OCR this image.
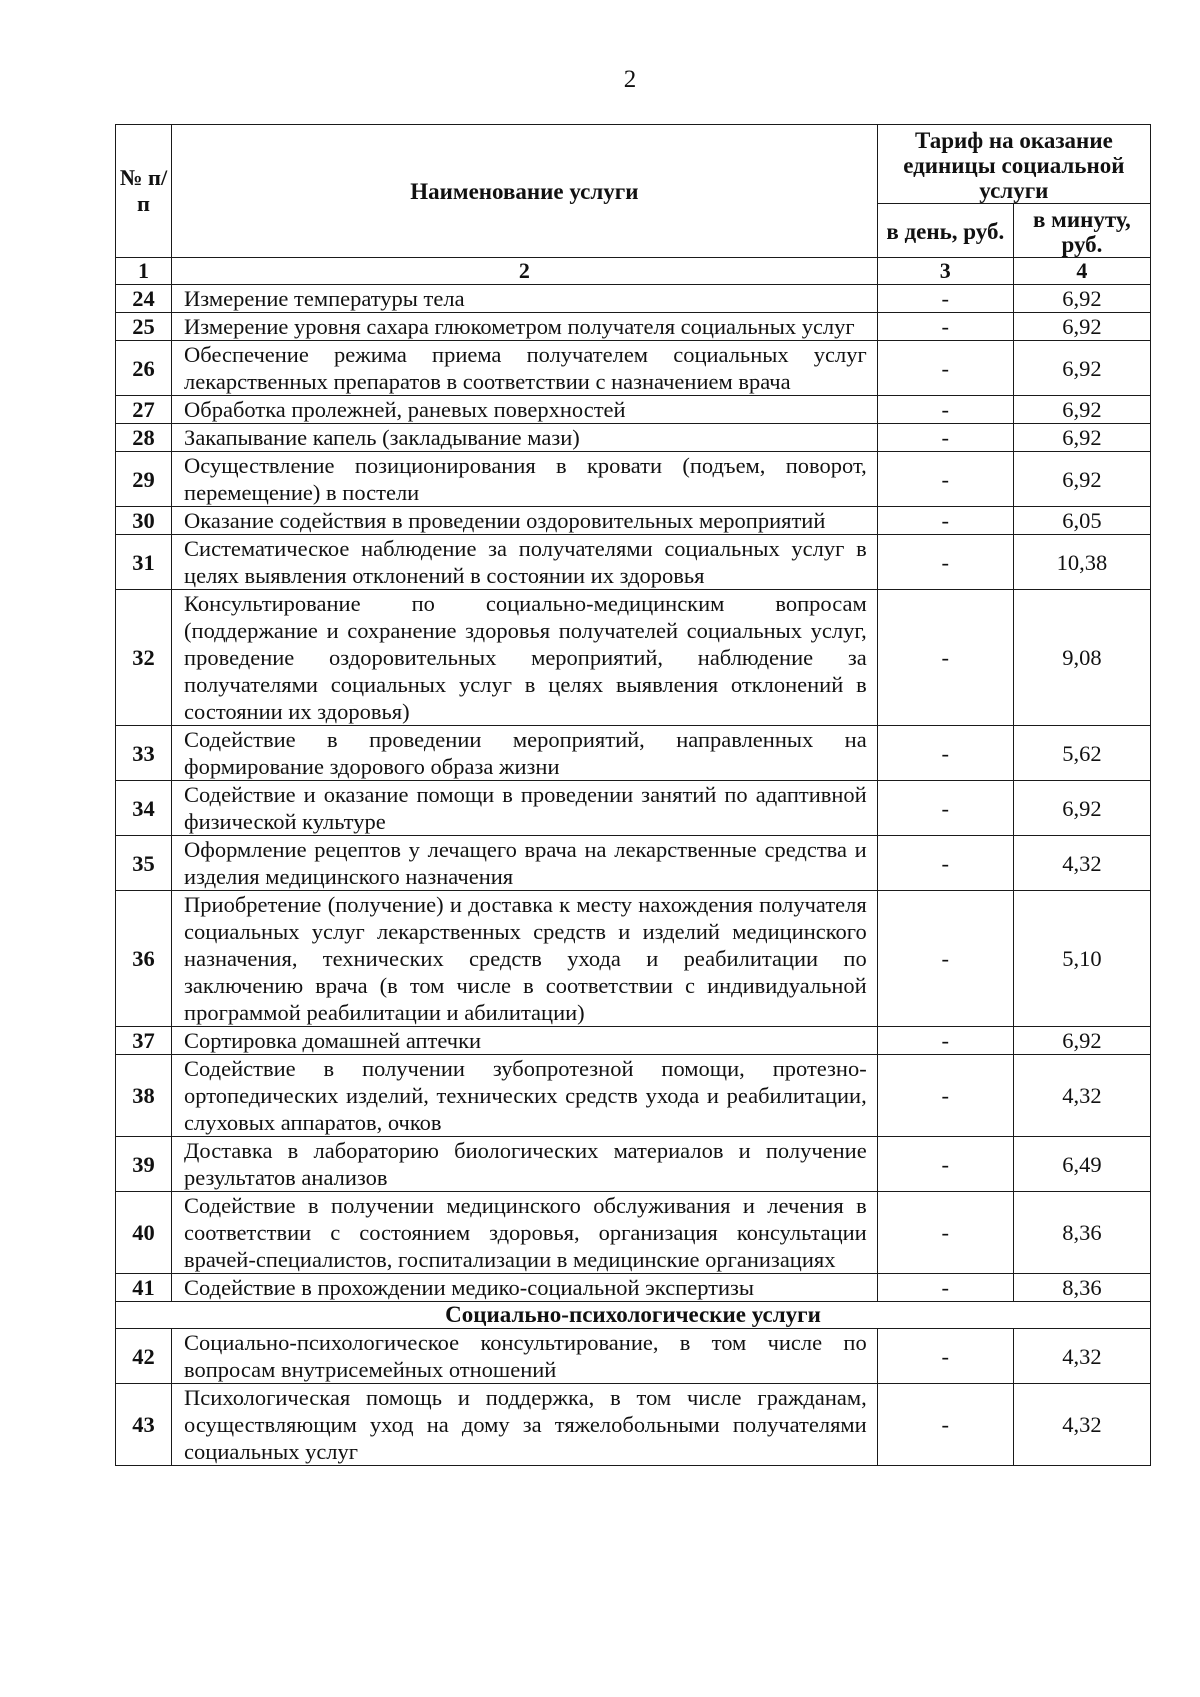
2
№ п/п	Наименование услуги	Тариф на оказание единицы социальной услуги	
		в день, руб.	в минуту, руб.
1	2	3	4
24	Измерение температуры тела	-	6,92
25	Измерение уровня сахара глюкометром получателя социальных услуг	-	6,92
26	Обеспечение режима приема получателем социальных услуг лекарственных препаратов в соответствии с назначением врача	-	6,92
27	Обработка пролежней, раневых поверхностей	-	6,92
28	Закапывание капель (закладывание мази)	-	6,92
29	Осуществление позиционирования в кровати (подъем, поворот, перемещение) в постели	-	6,92
30	Оказание содействия в проведении оздоровительных мероприятий	-	6,05
31	Систематическое наблюдение за получателями социальных услуг в целях выявления отклонений в состоянии их здоровья	-	10,38
32	Консультирование по социально-медицинским вопросам (поддержание и сохранение здоровья получателей социальных услуг, проведение оздоровительных мероприятий, наблюдение за получателями социальных услуг в целях выявления отклонений в состоянии их здоровья)	-	9,08
33	Содействие в проведении мероприятий, направленных на формирование здорового образа жизни	-	5,62
34	Содействие и оказание помощи в проведении занятий по адаптивной физической культуре	-	6,92
35	Оформление рецептов у лечащего врача на лекарственные средства и изделия медицинского назначения	-	4,32
36	Приобретение (получение) и доставка к месту нахождения получателя социальных услуг лекарственных средств и изделий медицинского назначения, технических средств ухода и реабилитации по заключению врача (в том числе в соответствии с индивидуальной программой реабилитации и абилитации)	-	5,10
37	Сортировка домашней аптечки	-	6,92
38	Содействие в получении зубопротезной помощи, протезно-ортопедических изделий, технических средств ухода и реабилитации, слуховых аппаратов, очков	-	4,32
39	Доставка в лабораторию биологических материалов и получение результатов анализов	-	6,49
40	Содействие в получении медицинского обслуживания и лечения в соответствии с состоянием здоровья, организация консультации врачей-специалистов, госпитализации в медицинские организациях	-	8,36
41	Содействие в прохождении медико-социальной экспертизы	-	8,36
Социально-психологические услуги			
42	Социально-психологическое консультирование, в том числе по вопросам внутрисемейных отношений	-	4,32
43	Психологическая помощь и поддержка, в том числе гражданам, осуществляющим уход на дому за тяжелобольными получателями социальных услуг	-	4,32
